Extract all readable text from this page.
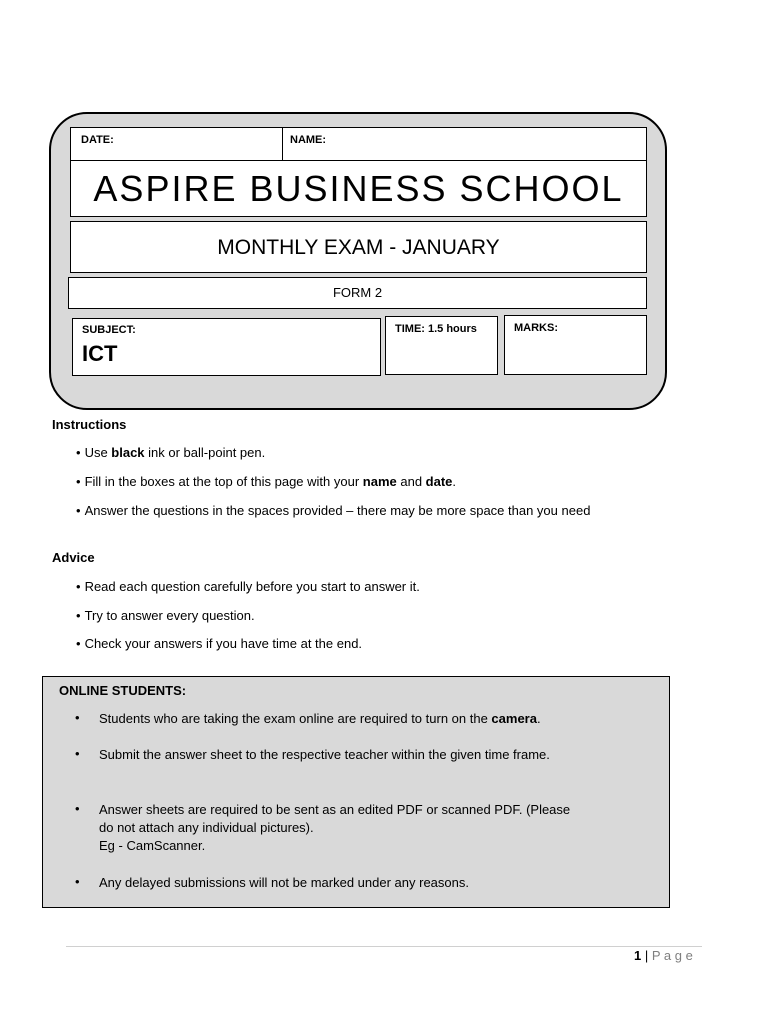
DATE:	NAME:
ASPIRE BUSINESS SCHOOL
MONTHLY EXAM - JANUARY
FORM 2
SUBJECT:
ICT
TIME: 1.5 hours	MARKS:
Instructions
• Use black ink or ball-point pen.
• Fill in the boxes at the top of this page with your name and date.
• Answer the questions in the spaces provided – there may be more space than you need
Advice
• Read each question carefully before you start to answer it.
• Try to answer every question.
• Check your answers if you have time at the end.
ONLINE STUDENTS:
• Students who are taking the exam online are required to turn on the camera.
• Submit the answer sheet to the respective teacher within the given time frame.
• Answer sheets are required to be sent as an edited PDF or scanned PDF. (Please
do not attach any individual pictures).
Eg - CamScanner.
• Any delayed submissions will not be marked under any reasons.
1 | P a g e
